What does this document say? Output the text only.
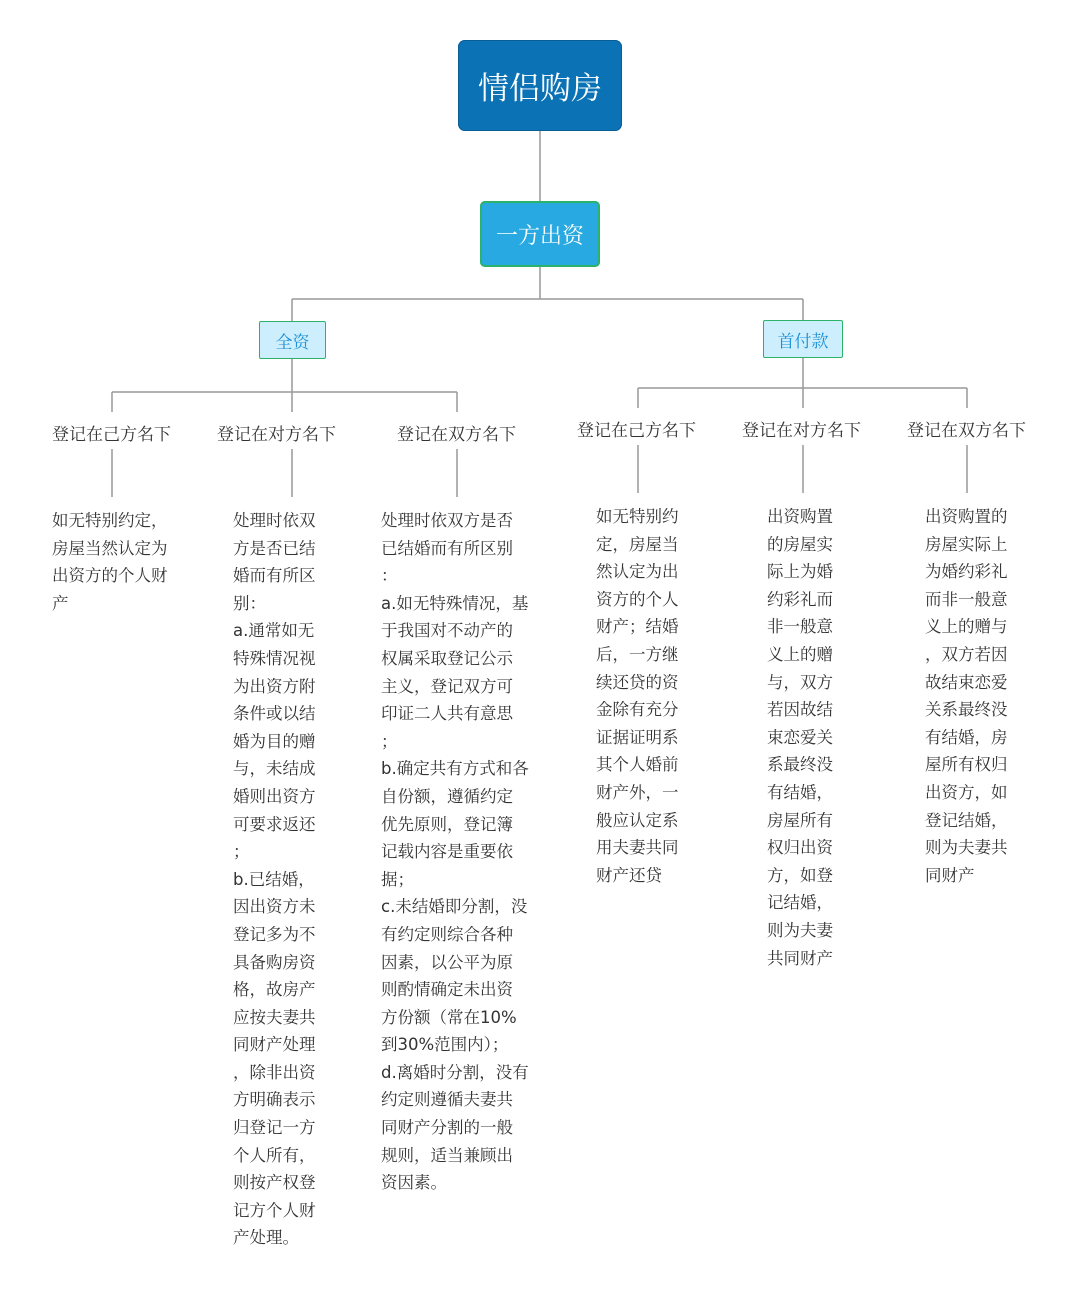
情侣购房
一方出资
全资	首付款
登记在己方名下	登记在对方名下	登记在双方名下	登记在己方名下	登记在对方名下	登记在双方名下

如无特别约定，
房屋当然认定为
出资方的个人财
产

处理时依双
方是否已结
婚而有所区
别：
a.通常如无
特殊情况视
为出资方附
条件或以结
婚为目的赠
与，未结成
婚则出资方
可要求返还
；
b.已结婚，
因出资方未
登记多为不
具备购房资
格，故房产
应按夫妻共
同财产处理
，除非出资
方明确表示
归登记一方
个人所有，
则按产权登
记方个人财
产处理。

处理时依双方是否
已结婚而有所区别
：
a.如无特殊情况，基
于我国对不动产的
权属采取登记公示
主义，登记双方可
印证二人共有意思
；
b.确定共有方式和各
自份额，遵循约定
优先原则，登记簿
记载内容是重要依
据；
c.未结婚即分割，没
有约定则综合各种
因素，以公平为原
则酌情确定未出资
方份额（常在10%
到30%范围内）；
d.离婚时分割，没有
约定则遵循夫妻共
同财产分割的一般
规则，适当兼顾出
资因素。

如无特别约
定，房屋当
然认定为出
资方的个人
财产；结婚
后，一方继
续还贷的资
金除有充分
证据证明系
其个人婚前
财产外，一
般应认定系
用夫妻共同
财产还贷

出资购置
的房屋实
际上为婚
约彩礼而
非一般意
义上的赠
与，双方
若因故结
束恋爱关
系最终没
有结婚，
房屋所有
权归出资
方，如登
记结婚，
则为夫妻
共同财产

出资购置的
房屋实际上
为婚约彩礼
而非一般意
义上的赠与
，双方若因
故结束恋爱
关系最终没
有结婚，房
屋所有权归
出资方，如
登记结婚，
则为夫妻共
同财产
